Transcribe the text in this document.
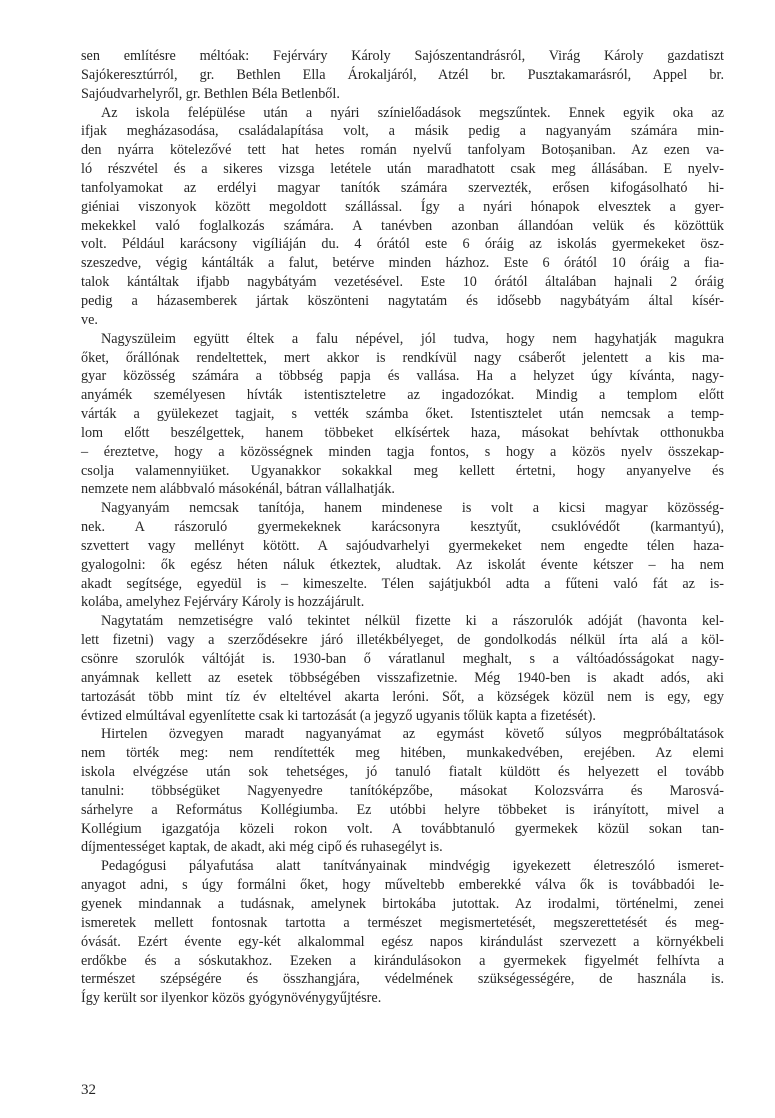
sen említésre méltóak: Fejérváry Károly Sajószentandrásról, Virág Károly gazdatiszt
Sajókeresztúrról, gr. Bethlen Ella Árokaljáról, Atzél br. Pusztakamarásról, Appel br.
Sajóudvarhelyről, gr. Bethlen Béla Betlenből.

Az iskola felépülése után a nyári színielőadások megszűntek. Ennek egyik oka az
ifjak megházasodása, családalapítása volt, a másik pedig a nagyanyám számára min-
den nyárra kötelezővé tett hat hetes román nyelvű tanfolyam Botoșaniban. Az ezen va-
ló részvétel és a sikeres vizsga letétele után maradhatott csak meg állásában. E nyelv-
tanfolyamokat az erdélyi magyar tanítók számára szervezték, erősen kifogásolható hi-
giéniai viszonyok között megoldott szállással. Így a nyári hónapok elvesztek a gyer-
mekekkel való foglalkozás számára. A tanévben azonban állandóan velük és közöttük
volt. Például karácsony vigíliáján du. 4 órától este 6 óráig az iskolás gyermekeket ösz-
szeszedve, végig kántálták a falut, betérve minden házhoz. Este 6 órától 10 óráig a fia-
talok kántáltak ifjabb nagybátyám vezetésével. Este 10 órától általában hajnali 2 óráig
pedig a házasemberek jártak köszönteni nagytatám és idősebb nagybátyám által kísér-
ve.

Nagyszüleim együtt éltek a falu népével, jól tudva, hogy nem hagyhatják magukra
őket, őrállónak rendeltettek, mert akkor is rendkívül nagy csáberőt jelentett a kis ma-
gyar közösség számára a többség papja és vallása. Ha a helyzet úgy kívánta, nagy-
anyámék személyesen hívták istentiszteletre az ingadozókat. Mindig a templom előtt
várták a gyülekezet tagjait, s vették számba őket. Istentisztelet után nemcsak a temp-
lom előtt beszélgettek, hanem többeket elkísértek haza, másokat behívtak otthonukba
– éreztetve, hogy a közösségnek minden tagja fontos, s hogy a közös nyelv összekap-
csolja valamennyiüket. Ugyanakkor sokakkal meg kellett értetni, hogy anyanyelve és
nemzete nem alábbvaló másokénál, bátran vállalhatják.

Nagyanyám nemcsak tanítója, hanem mindenese is volt a kicsi magyar közösség-
nek. A rászoruló gyermekeknek karácsonyra kesztyűt, csuklóvédőt (karmantyú),
szvettert vagy mellényt kötött. A sajóudvarhelyi gyermekeket nem engedte télen haza-
gyalogolni: ők egész héten náluk étkeztek, aludtak. Az iskolát évente kétszer – ha nem
akadt segítsége, egyedül is – kimeszelte. Télen sajátjukból adta a fűteni való fát az is-
kolába, amelyhez Fejérváry Károly is hozzájárult.

Nagytatám nemzetiségre való tekintet nélkül fizette ki a rászorulók adóját (havonta kel-
lett fizetni) vagy a szerződésekre járó illetékbélyeget, de gondolkodás nélkül írta alá a köl-
csönre szorulók váltóját is. 1930-ban ő váratlanul meghalt, s a váltóadósságokat nagy-
anyámnak kellett az esetek többségében visszafizetnie. Még 1940-ben is akadt adós, aki
tartozását több mint tíz év elteltével akarta leróni. Sőt, a községek közül nem is egy, egy
évtized elmúltával egyenlítette csak ki tartozását (a jegyző ugyanis tőlük kapta a fizetését).

Hirtelen özvegyen maradt nagyanyámat az egymást követő súlyos megpróbáltatások
nem törték meg: nem rendítették meg hitében, munkakedvében, erejében. Az elemi
iskola elvégzése után sok tehetséges, jó tanuló fiatalt küldött és helyezett el tovább
tanulni: többségüket Nagyenyedre tanítóképzőbe, másokat Kolozsvárra és Marosvá-
sárhelyre a Református Kollégiumba. Ez utóbbi helyre többeket is irányított, mivel a
Kollégium igazgatója közeli rokon volt. A továbbtanuló gyermekek közül sokan tan-
díjmentességet kaptak, de akadt, aki még cipő és ruhasegélyt is.

Pedagógusi pályafutása alatt tanítványainak mindvégig igyekezett életreszóló ismeret-
anyagot adni, s úgy formálni őket, hogy műveltebb emberekké válva ők is továbbadói le-
gyenek mindannak a tudásnak, amelynek birtokába jutottak. Az irodalmi, történelmi, zenei
ismeretek mellett fontosnak tartotta a természet megismertetését, megszerettetését és meg-
óvását. Ezért évente egy-két alkalommal egész napos kirándulást szervezett a környékbeli
erdőkbe és a sóskutakhoz. Ezeken a kirándulásokon a gyermekek figyelmét felhívta a
természet szépségére és összhangjára, védelmének szükségességére, de használa is.
Így került sor ilyenkor közös gyógynövénygyűjtésre.

32
